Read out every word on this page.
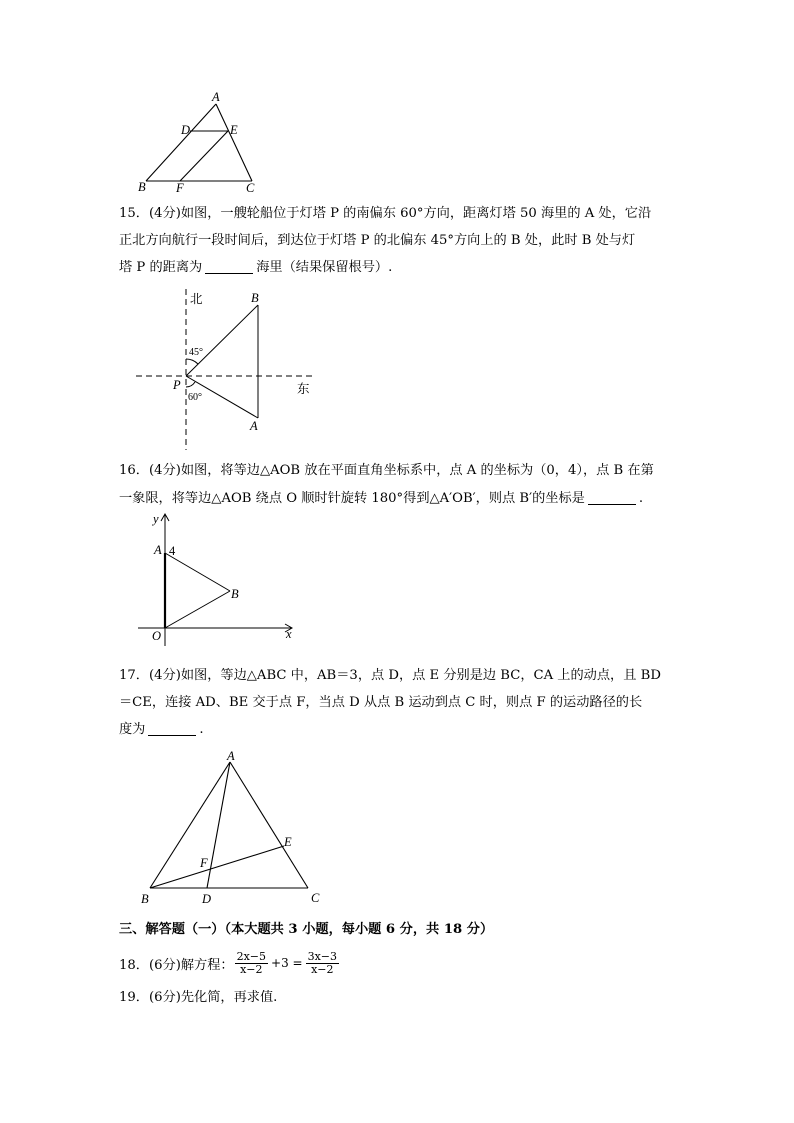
A
D	E
B F	C
15．(4分)如图，一艘轮船位于灯塔 P 的南偏东 60°方向，距离灯塔 50 海里的 A 处，它沿
正北方向航行一段时间后，到达位于灯塔 P 的北偏东 45°方向上的 B 处，此时 B 处与灯
塔 P 的距离为	海里（结果保留根号）.
北	B
45°
P
60°
东
A
16．(4分)如图，将等边△AOB 放在平面直角坐标系中，点 A 的坐标为（0，4），点 B 在第
一象限，将等边△AOB 绕点 O 顺时针旋转 180°得到△A′OB′，则点 B′的坐标是	.
y
A 4
B
O	x
17．(4分)如图，等边△ABC 中，AB＝3，点 D，点 E 分别是边 BC，CA 上的动点，且 BD
＝CE，连接 AD、BE 交于点 F，当点 D 从点 B 运动到点 C 时，则点 F 的运动路径的长
度为	.
A
E
F
B	D	C
三、解答题（一）（本大题共 3 小题，每小题 6 分，共 18 分）
18．(6分)解方程： $\frac{2x-5}{x-2} +3 = \frac{3x-3}{x-2}$
19．(6分)先化简，再求值.
